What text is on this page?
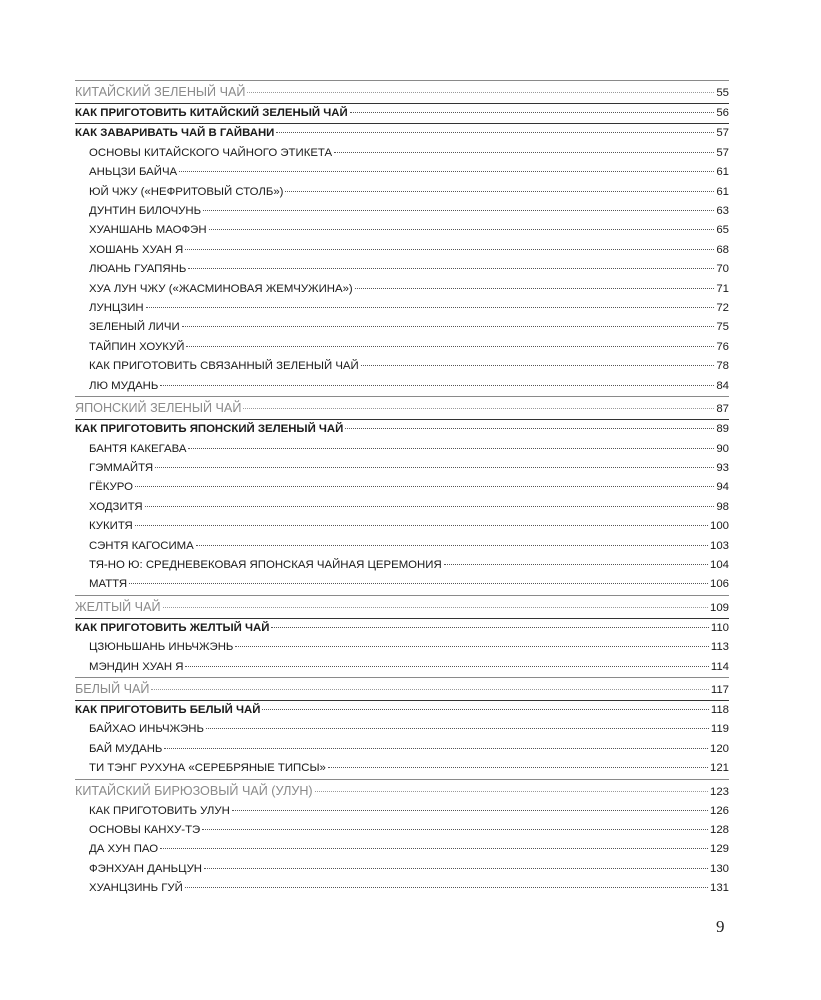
КИТАЙСКИЙ ЗЕЛЕНЫЙ ЧАЙ	55
КАК ПРИГОТОВИТЬ КИТАЙСКИЙ ЗЕЛЕНЫЙ ЧАЙ	56
КАК ЗАВАРИВАТЬ ЧАЙ В ГАЙВАНИ	57
ОСНОВЫ КИТАЙСКОГО ЧАЙНОГО ЭТИКЕТА	57
АНЬЦЗИ БАЙЧА	61
ЮЙ ЧЖУ («НЕФРИТОВЫЙ СТОЛБ»)	61
ДУНТИН БИЛОЧУНЬ	63
ХУАНШАНЬ МАОФЭН	65
ХОШАНЬ ХУАН Я	68
ЛЮАНЬ ГУАПЯНЬ	70
ХУА ЛУН ЧЖУ («ЖАСМИНОВАЯ ЖЕМЧУЖИНА»)	71
ЛУНЦЗИН	72
ЗЕЛЕНЫЙ ЛИЧИ	75
ТАЙПИН ХОУКУЙ	76
КАК ПРИГОТОВИТЬ СВЯЗАННЫЙ ЗЕЛЕНЫЙ ЧАЙ	78
ЛЮ МУДАНЬ	84
ЯПОНСКИЙ ЗЕЛЕНЫЙ ЧАЙ	87
КАК ПРИГОТОВИТЬ ЯПОНСКИЙ ЗЕЛЕНЫЙ ЧАЙ	89
БАНТЯ КАКЕГАВА	90
ГЭММАЙТЯ	93
ГЁКУРО	94
ХОДЗИТЯ	98
КУКИТЯ	100
СЭНТЯ КАГОСИМА	103
ТЯ-НО Ю: СРЕДНЕВЕКОВАЯ ЯПОНСКАЯ ЧАЙНАЯ ЦЕРЕМОНИЯ	104
МАТТЯ	106
ЖЕЛТЫЙ ЧАЙ	109
КАК ПРИГОТОВИТЬ ЖЕЛТЫЙ ЧАЙ	110
ЦЗЮНЬШАНЬ ИНЬЧЖЭНЬ	113
МЭНДИН ХУАН Я	114
БЕЛЫЙ ЧАЙ	117
КАК ПРИГОТОВИТЬ БЕЛЫЙ ЧАЙ	118
БАЙХАО ИНЬЧЖЭНЬ	119
БАЙ МУДАНЬ	120
ТИ ТЭНГ РУХУНА «СЕРЕБРЯНЫЕ ТИПСЫ»	121
КИТАЙСКИЙ БИРЮЗОВЫЙ ЧАЙ (УЛУН)	123
КАК ПРИГОТОВИТЬ УЛУН	126
ОСНОВЫ КАНХУ-ТЭ	128
ДА ХУН ПАО	129
ФЭНХУАН ДАНЬЦУН	130
ХУАНЦЗИНЬ ГУЙ	131
9
